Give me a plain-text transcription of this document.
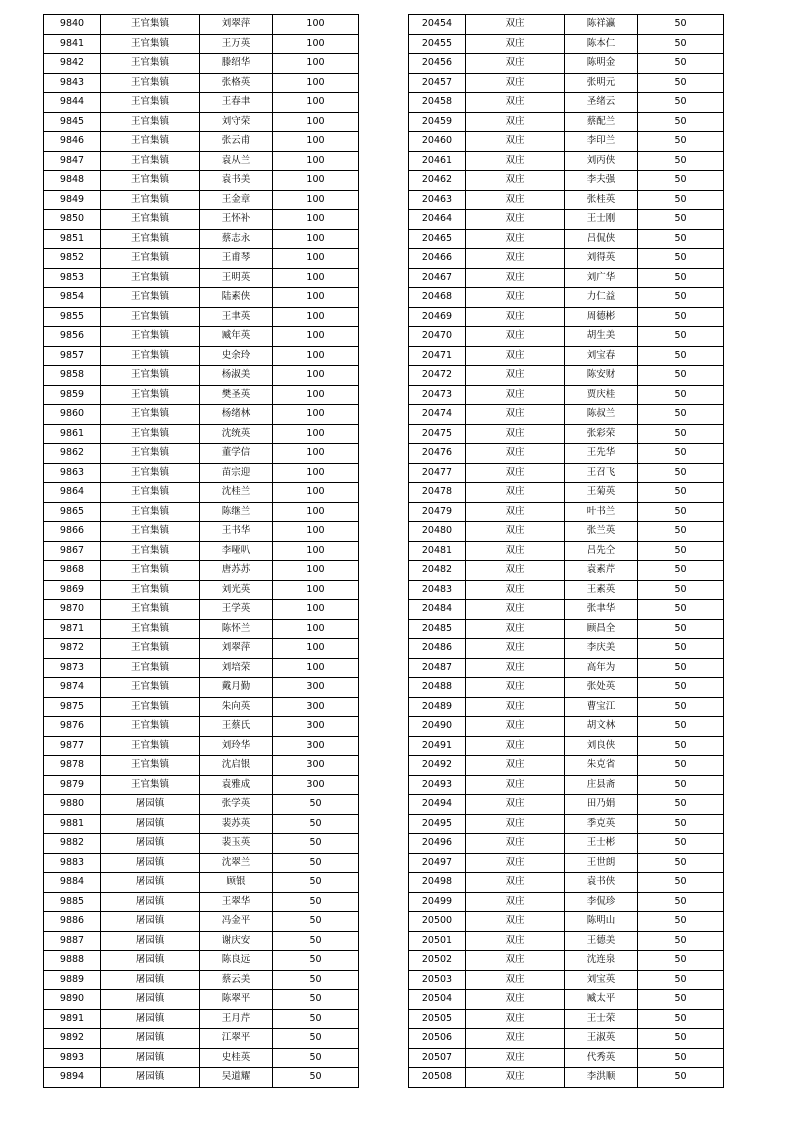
9840	王官集镇	刘翠萍	100
9841	王官集镇	王万英	100
9842	王官集镇	滕绍华	100
9843	王官集镇	张格英	100
9844	王官集镇	王春聿	100
9845	王官集镇	刘守荣	100
9846	王官集镇	张云甫	100
9847	王官集镇	袁从兰	100
9848	王官集镇	袁书美	100
9849	王官集镇	王金章	100
9850	王官集镇	王怀补	100
9851	王官集镇	蔡志永	100
9852	王官集镇	王甫琴	100
9853	王官集镇	王明英	100
9854	王官集镇	陆素侠	100
9855	王官集镇	王聿英	100
9856	王官集镇	臧年英	100
9857	王官集镇	史余玲	100
9858	王官集镇	杨淑美	100
9859	王官集镇	樊圣英	100
9860	王官集镇	杨绪林	100
9861	王官集镇	沈统英	100
9862	王官集镇	董学信	100
9863	王官集镇	苗宗迎	100
9864	王官集镇	沈桂兰	100
9865	王官集镇	陈继兰	100
9866	王官集镇	王书华	100
9867	王官集镇	李哑叭	100
9868	王官集镇	唐苏苏	100
9869	王官集镇	刘光英	100
9870	王官集镇	王学英	100
9871	王官集镇	陈怀兰	100
9872	王官集镇	刘翠萍	100
9873	王官集镇	刘培荣	100
9874	王官集镇	戴月勤	300
9875	王官集镇	朱向英	300
9876	王官集镇	王蔡氏	300
9877	王官集镇	刘玲华	300
9878	王官集镇	沈启银	300
9879	王官集镇	袁雅成	300
9880	屠园镇	张学英	50
9881	屠园镇	裴苏英	50
9882	屠园镇	裴玉英	50
9883	屠园镇	沈翠兰	50
9884	屠园镇	顾银	50
9885	屠园镇	王翠华	50
9886	屠园镇	冯金平	50
9887	屠园镇	谢庆安	50
9888	屠园镇	陈良远	50
9889	屠园镇	蔡云美	50
9890	屠园镇	陈翠平	50
9891	屠园镇	王月芹	50
9892	屠园镇	江翠平	50
9893	屠园镇	史桂英	50
9894	屠园镇	吴道耀	50
20454	双庄	陈祥瀛	50
20455	双庄	陈本仁	50
20456	双庄	陈明金	50
20457	双庄	张明元	50
20458	双庄	圣绪云	50
20459	双庄	蔡配兰	50
20460	双庄	李印兰	50
20461	双庄	刘丙侠	50
20462	双庄	李夫强	50
20463	双庄	张桂英	50
20464	双庄	王士刚	50
20465	双庄	吕侃侠	50
20466	双庄	刘得英	50
20467	双庄	刘广华	50
20468	双庄	力仁益	50
20469	双庄	周德彬	50
20470	双庄	胡生美	50
20471	双庄	刘宝春	50
20472	双庄	陈安财	50
20473	双庄	贾庆桂	50
20474	双庄	陈叔兰	50
20475	双庄	张彩荣	50
20476	双庄	王先华	50
20477	双庄	王召飞	50
20478	双庄	王菊英	50
20479	双庄	叶书兰	50
20480	双庄	张兰英	50
20481	双庄	吕先仝	50
20482	双庄	袁素芹	50
20483	双庄	王素英	50
20484	双庄	张聿华	50
20485	双庄	顾昌全	50
20486	双庄	李庆美	50
20487	双庄	高年为	50
20488	双庄	张处英	50
20489	双庄	曹宝江	50
20490	双庄	胡文林	50
20491	双庄	刘良侠	50
20492	双庄	朱克省	50
20493	双庄	庄县斋	50
20494	双庄	田乃娟	50
20495	双庄	季克英	50
20496	双庄	王士彬	50
20497	双庄	王世朗	50
20498	双庄	袁书侠	50
20499	双庄	李侃珍	50
20500	双庄	陈明山	50
20501	双庄	王德美	50
20502	双庄	沈连泉	50
20503	双庄	刘宝英	50
20504	双庄	臧太平	50
20505	双庄	王士荣	50
20506	双庄	王淑英	50
20507	双庄	代秀英	50
20508	双庄	李洪顺	50
